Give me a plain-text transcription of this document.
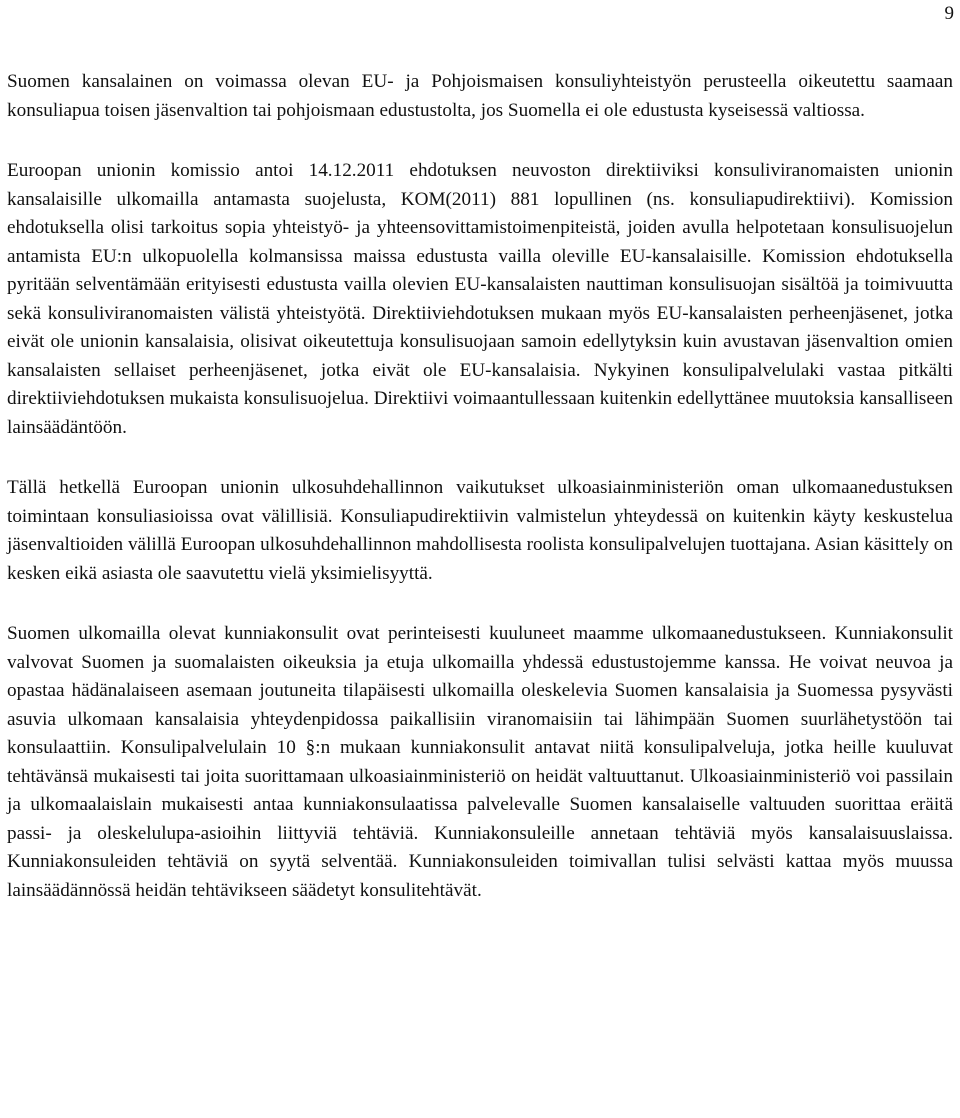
9

Suomen kansalainen on voimassa olevan EU- ja Pohjoismaisen konsuliyhteistyön perusteella oikeutettu saamaan konsuliapua toisen jäsenvaltion tai pohjoismaan edustustolta, jos Suomella ei ole edustusta kyseisessä valtiossa.

Euroopan unionin komissio antoi 14.12.2011 ehdotuksen neuvoston direktiiviksi konsuliviranomaisten unionin kansalaisille ulkomailla antamasta suojelusta, KOM(2011) 881 lopullinen (ns. konsuliapudirektiivi). Komission ehdotuksella olisi tarkoitus sopia yhteistyö- ja yhteensovittamistoimenpiteistä, joiden avulla helpotetaan konsulisuojelun antamista EU:n ulkopuolella kolmansissa maissa edustusta vailla oleville EU-kansalaisille. Komission ehdotuksella pyritään selventämään erityisesti edustusta vailla olevien EU-kansalaisten nauttiman konsulisuojan sisältöä ja toimivuutta sekä konsuliviranomaisten välistä yhteistyötä. Direktiiviehdotuksen mukaan myös EU-kansalaisten perheenjäsenet, jotka eivät ole unionin kansalaisia, olisivat oikeutettuja konsulisuojaan samoin edellytyksin kuin avustavan jäsenvaltion omien kansalaisten sellaiset perheenjäsenet, jotka eivät ole EU-kansalaisia. Nykyinen konsulipalvelulaki vastaa pitkälti direktiiviehdotuksen mukaista konsulisuojelua. Direktiivi voimaantullessaan kuitenkin edellyttänee muutoksia kansalliseen lainsäädäntöön.

Tällä hetkellä Euroopan unionin ulkosuhdehallinnon vaikutukset ulkoasiainministeriön oman ulkomaanedustuksen toimintaan konsuliasioissa ovat välillisiä. Konsuliapudirektiivin valmistelun yhteydessä on kuitenkin käyty keskustelua jäsenvaltioiden välillä Euroopan ulkosuhdehallinnon mahdollisesta roolista konsulipalvelujen tuottajana. Asian käsittely on kesken eikä asiasta ole saavutettu vielä yksimielisyyttä.

Suomen ulkomailla olevat kunniakonsulit ovat perinteisesti kuuluneet maamme ulkomaanedustukseen. Kunniakonsulit valvovat Suomen ja suomalaisten oikeuksia ja etuja ulkomailla yhdessä edustustojemme kanssa. He voivat neuvoa ja opastaa hädänalaiseen asemaan joutuneita tilapäisesti ulkomailla oleskelevia Suomen kansalaisia ja Suomessa pysyvästi asuvia ulkomaan kansalaisia yhteydenpidossa paikallisiin viranomaisiin tai lähimpään Suomen suurlähetystöön tai konsulaattiin. Konsulipalvelulain 10 §:n mukaan kunniakonsulit antavat niitä konsulipalveluja, jotka heille kuuluvat tehtävänsä mukaisesti tai joita suorittamaan ulkoasiainministeriö on heidät valtuuttanut. Ulkoasiainministeriö voi passilain ja ulkomaalaislain mukaisesti antaa kunniakonsulaatissa palvelevalle Suomen kansalaiselle valtuuden suorittaa eräitä passi- ja oleskelulupa-asioihin liittyviä tehtäviä. Kunniakonsuleille annetaan tehtäviä myös kansalaisuuslaissa. Kunniakonsuleiden tehtäviä on syytä selventää. Kunniakonsuleiden toimivallan tulisi selvästi kattaa myös muussa lainsäädännössä heidän tehtävikseen säädetyt konsulitehtävät.
